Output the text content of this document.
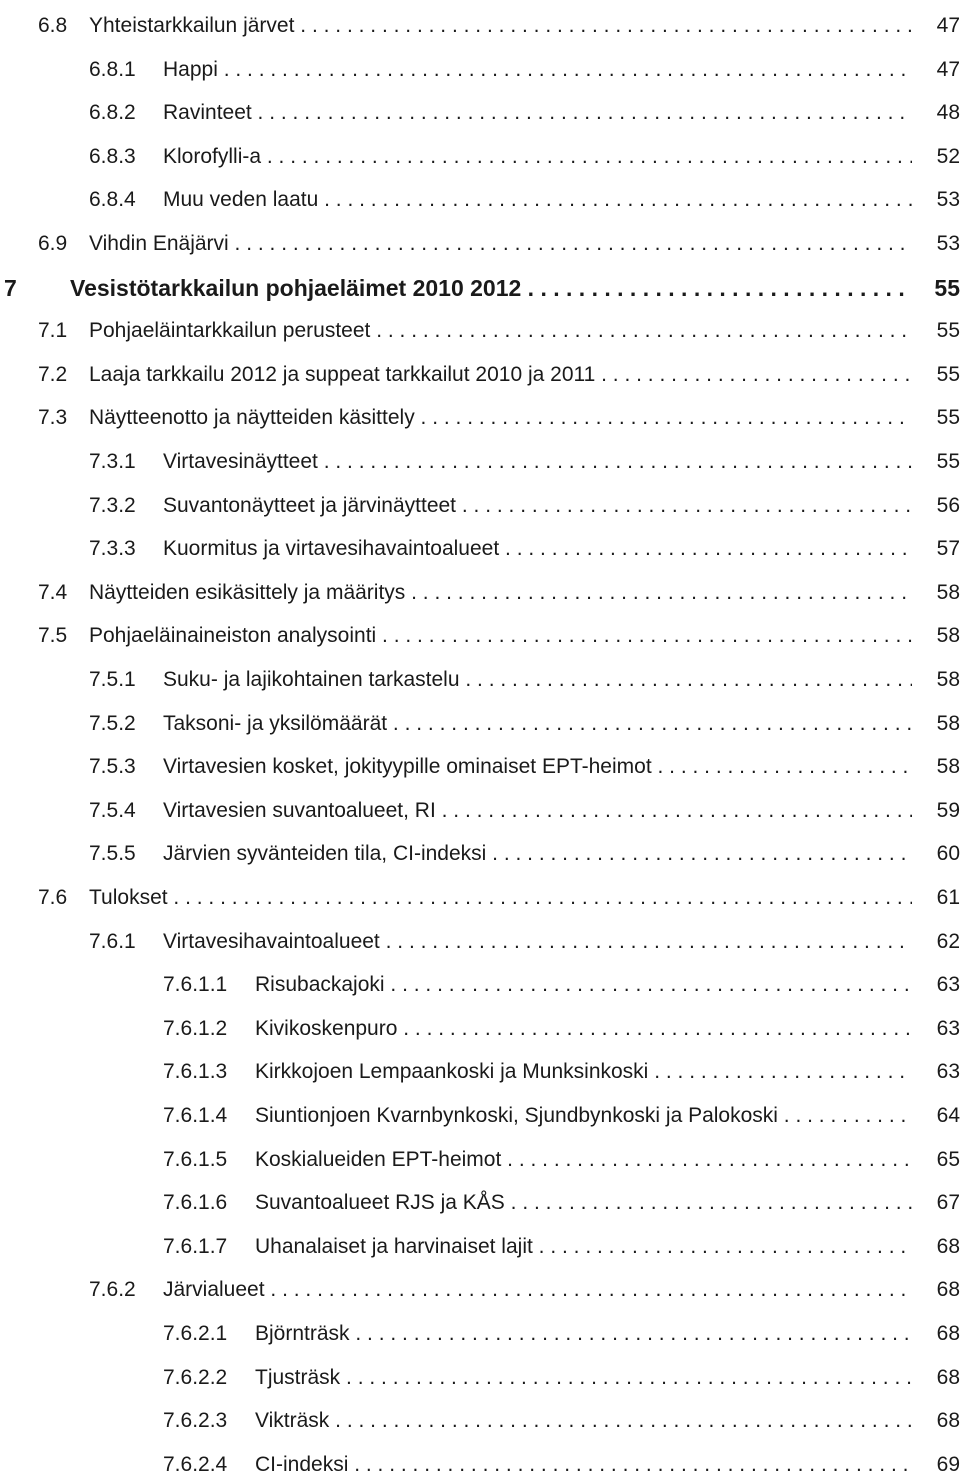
6.8 Yhteistarkkailun järvet . . .	47
6.8.1 Happi . . .	47
6.8.2 Ravinteet . . .	48
6.8.3 Klorofylli-a . . .	52
6.8.4 Muu veden laatu . . .	53
6.9 Vihdin Enäjärvi . . .	53
7 Vesistötarkkailun pohjaeläimet 2010 2012 . . .	55
7.1 Pohjaeläintarkkailun perusteet . . .	55
7.2 Laaja tarkkailu 2012 ja suppeat tarkkailut 2010 ja 2011 . . .	55
7.3 Näytteenotto ja näytteiden käsittely . . .	55
7.3.1 Virtavesinäytteet . . .	55
7.3.2 Suvantonäytteet ja järvinäytteet . . .	56
7.3.3 Kuormitus ja virtavesihavaintoalueet . . .	57
7.4 Näytteiden esikäsittely ja määritys . . .	58
7.5 Pohjaeläinaineiston analysointi . . .	58
7.5.1 Suku- ja lajikohtainen tarkastelu . . .	58
7.5.2 Taksoni- ja yksilömäärät . . .	58
7.5.3 Virtavesien kosket, jokityypille ominaiset EPT-heimot . . .	58
7.5.4 Virtavesien suvantoalueet, RI . . .	59
7.5.5 Järvien syvänteiden tila, CI-indeksi . . .	60
7.6 Tulokset . . .	61
7.6.1 Virtavesihavaintoalueet . . .	62
7.6.1.1 Risubackajoki . . .	63
7.6.1.2 Kivikoskenpuro . . .	63
7.6.1.3 Kirkkojoen Lempaankoski ja Munksinkoski . . .	63
7.6.1.4 Siuntionjoen Kvarnbynkoski, Sjundbynkoski ja Palokoski . . .	64
7.6.1.5 Koskialueiden EPT-heimot . . .	65
7.6.1.6 Suvantoalueet RJS ja KÅS . . .	67
7.6.1.7 Uhanalaiset ja harvinaiset lajit . . .	68
7.6.2 Järvialueet . . .	68
7.6.2.1 Björnträsk . . .	68
7.6.2.2 Tjusträsk . . .	68
7.6.2.3 Vikträsk . . .	68
7.6.2.4 CI-indeksi . . .	69
